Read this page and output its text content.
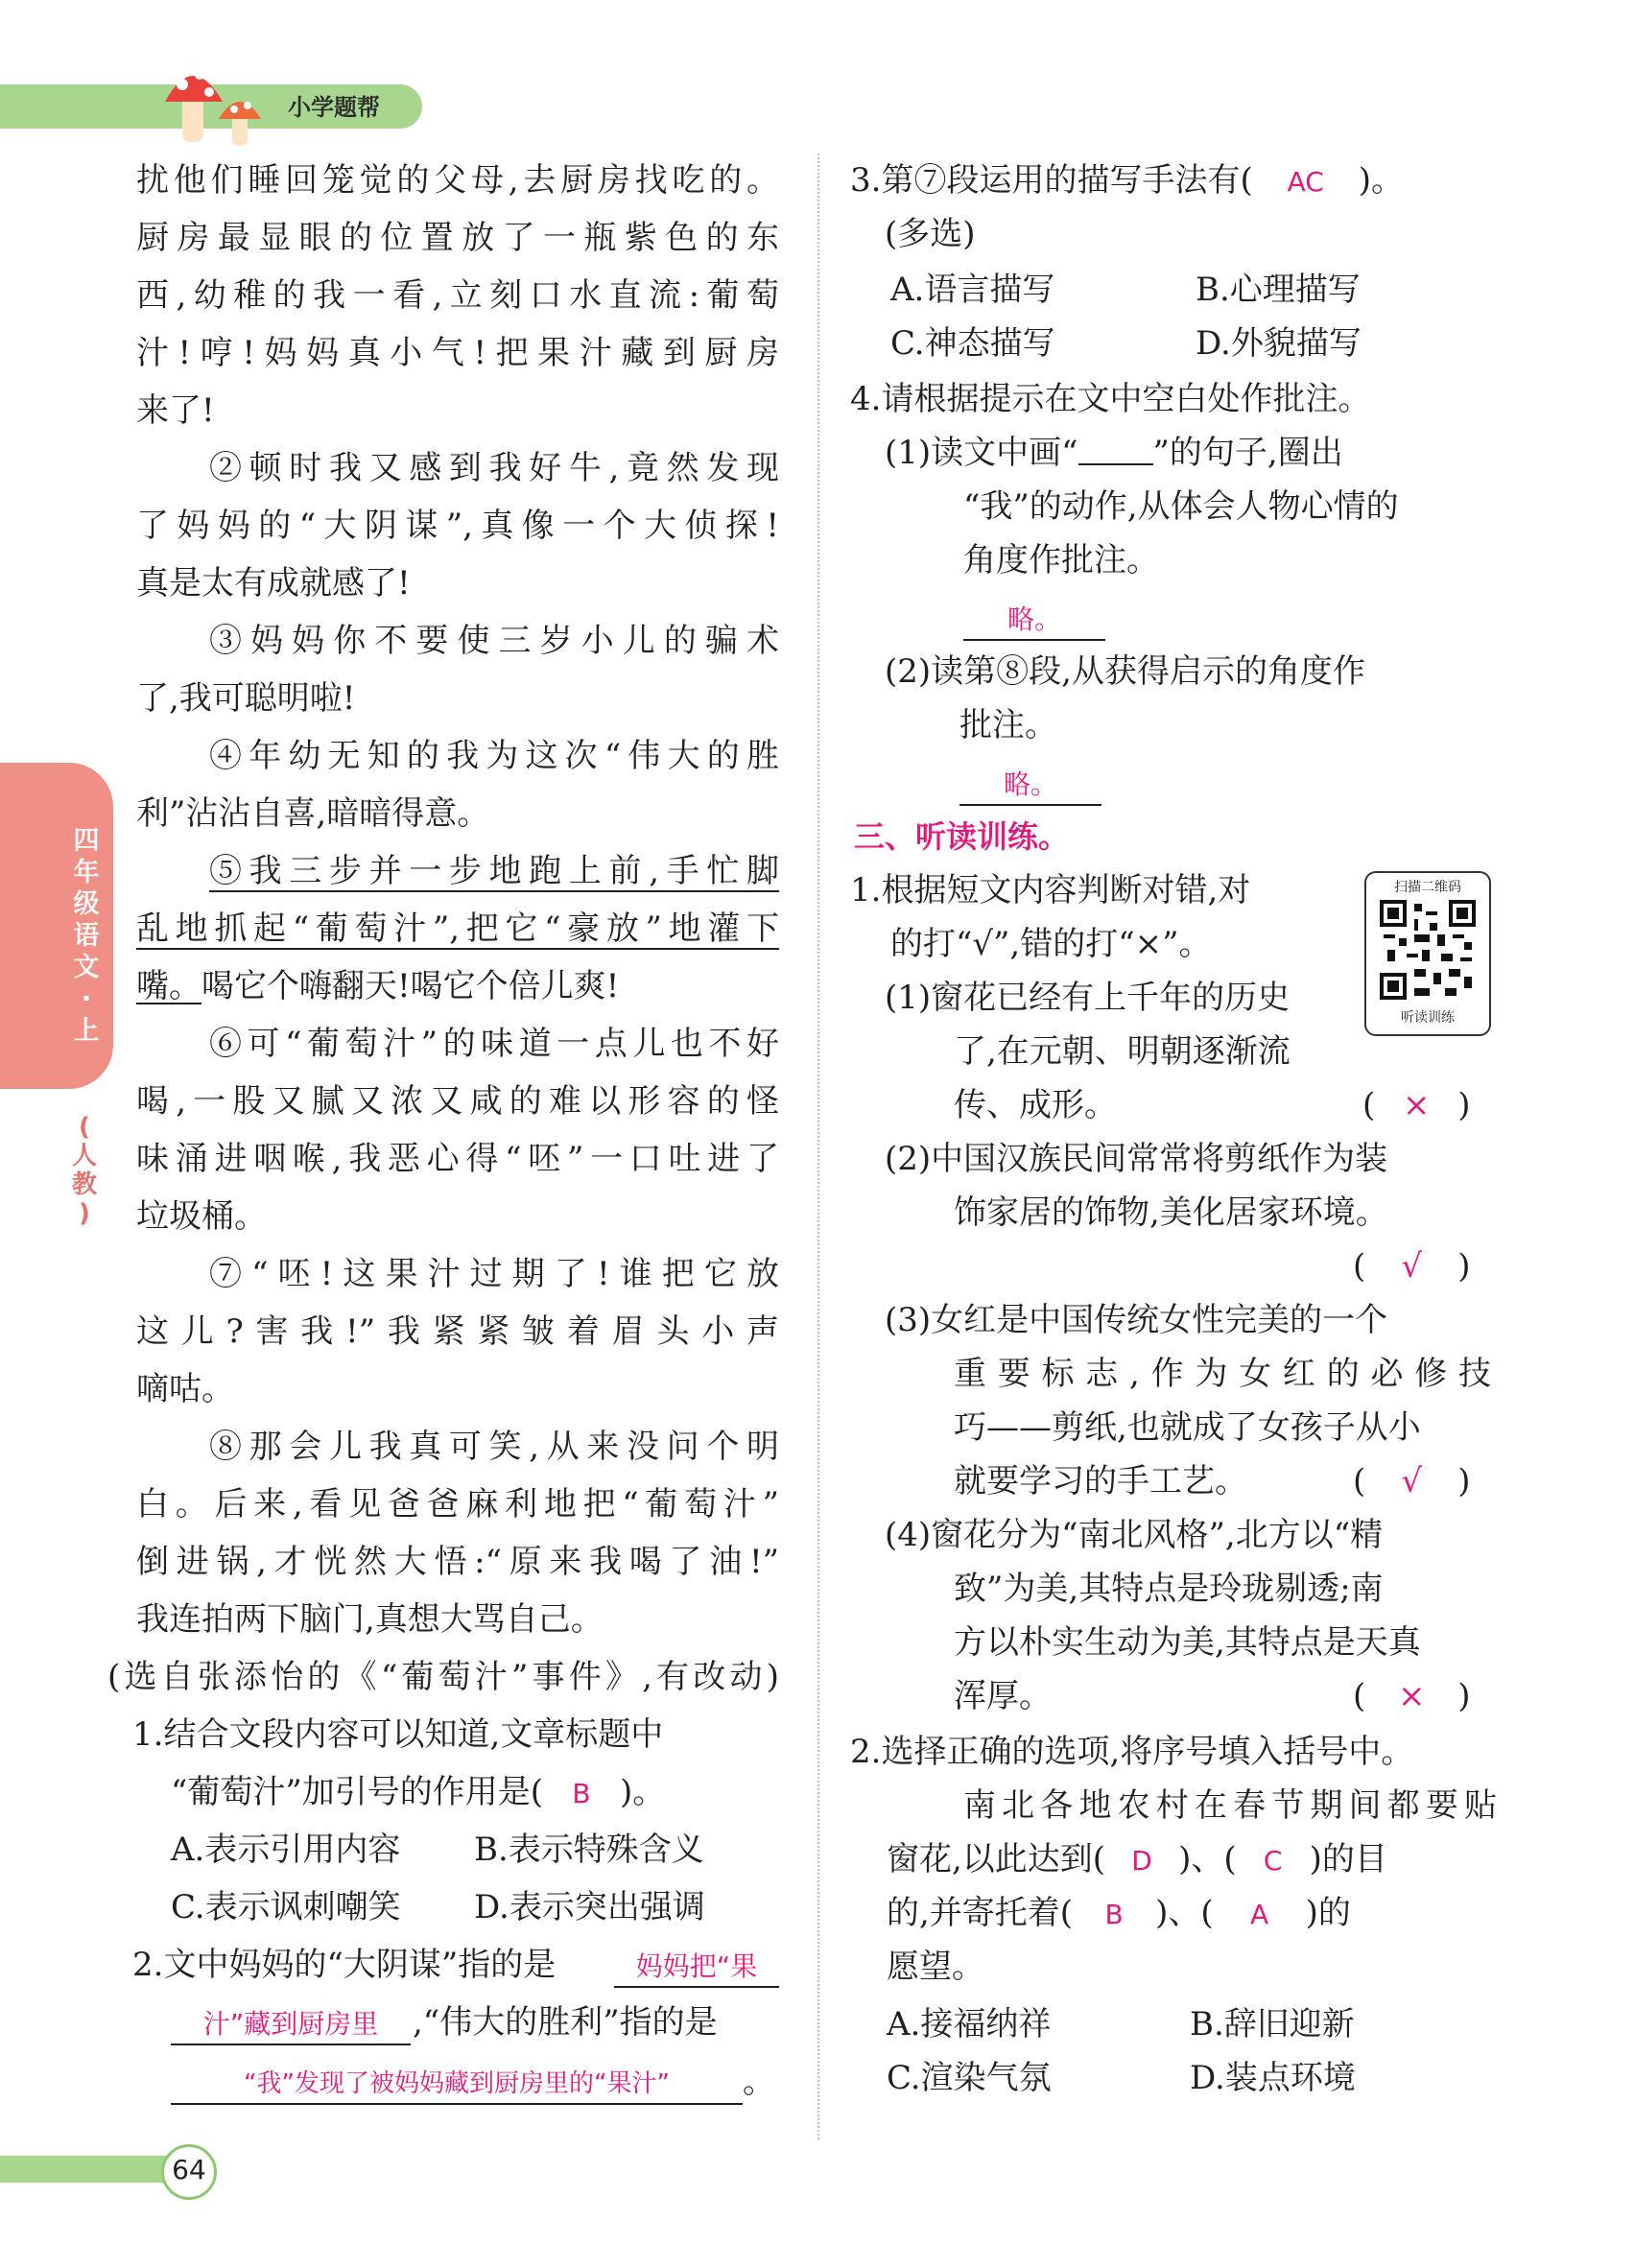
小学题帮
四
年
级
语
文
·
上
(
人
教
)
扰他们睡回笼觉的父母,去厨房找吃的。
厨房最显眼的位置放了一瓶紫色的东
西,幼稚的我一看,立刻口水直流:葡萄
汁!哼!妈妈真小气!把果汁藏到厨房
来了!
②顿时我又感到我好牛,竟然发现
了妈妈的“大阴谋”,真像一个大侦探!
真是太有成就感了!
③妈妈你不要使三岁小儿的骗术
了,我可聪明啦!
④年幼无知的我为这次“伟大的胜
利”沾沾自喜,暗暗得意。
⑤我三步并一步地跑上前,手忙脚
乱地抓起“葡萄汁”,把它“豪放”地灌下
嘴。喝它个嗨翻天!喝它个倍儿爽!
⑥可“葡萄汁”的味道一点儿也不好
喝,一股又腻又浓又咸的难以形容的怪
味涌进咽喉,我恶心得“呸”一口吐进了
垃圾桶。
⑦“呸!这果汁过期了!谁把它放
这儿?害我!”我紧紧皱着眉头小声
嘀咕。
⑧那会儿我真可笑,从来没问个明
白。后来,看见爸爸麻利地把“葡萄汁”
倒进锅,才恍然大悟:“原来我喝了油!”
我连拍两下脑门,真想大骂自己。
(选自张添怡的《“葡萄汁”事件》,有改动)
1.结合文段内容可以知道,文章标题中
“葡萄汁”加引号的作用是( B )。
A.表示引用内容 B.表示特殊含义
C.表示讽刺嘲笑 D.表示突出强调
2.文中妈妈的“大阴谋”指的是	妈妈把“果
汁”藏到厨房里	,“伟大的胜利”指的是
“我”发现了被妈妈藏到厨房里的“果汁”	。
3.第⑦段运用的描写手法有( AC )。
(多选)
A.语言描写	B.心理描写
C.神态描写	D.外貌描写
4.请根据提示在文中空白处作批注。
(1)读文中画“ ”的句子,圈出
“我”的动作,从体会人物心情的
角度作批注。
略。
(2)读第⑧段,从获得启示的角度作
批注。
略。
三、听读训练。
1.根据短文内容判断对错,对
的打“√”,错的打“×”。
扫描二维码
听读训练
(1)窗花已经有上千年的历史
了,在元朝、明朝逐渐流
传、成形。	( × )
(2)中国汉族民间常常将剪纸作为装
饰家居的饰物,美化居家环境。
( √ )
(3)女红是中国传统女性完美的一个
重要标志,作为女红的必修技
巧——剪纸,也就成了女孩子从小
就要学习的手工艺。	( √ )
(4)窗花分为“南北风格”,北方以“精
致”为美,其特点是玲珑剔透;南
方以朴实生动为美,其特点是天真
浑厚。	( × )
2.选择正确的选项,将序号填入括号中。
南北各地农村在春节期间都要贴
窗花,以此达到( D )、( C )的目
的,并寄托着( B )、( A )的
愿望。
A.接福纳祥	B.辞旧迎新
C.渲染气氛	D.装点环境
64
